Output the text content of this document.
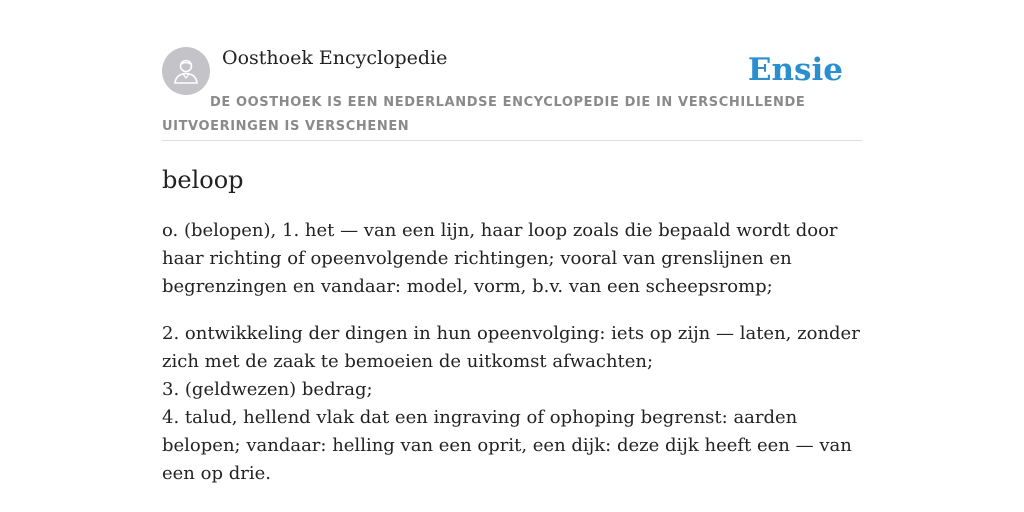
Oosthoek Encyclopedie	Ensie
DE OOSTHOEK IS EEN NEDERLANDSE ENCYCLOPEDIE DIE IN VERSCHILLENDE UITVOERINGEN IS VERSCHENEN
beloop

o. (belopen), 1. het — van een lijn, haar loop zoals die bepaald wordt door haar richting of opeenvolgende richtingen; vooral van grenslijnen en begrenzingen en vandaar: model, vorm, b.v. van een scheepsromp;

2. ontwikkeling der dingen in hun opeenvolging: iets op zijn — laten, zonder zich met de zaak te bemoeien de uitkomst afwachten;
3. (geldwezen) bedrag;
4. talud, hellend vlak dat een ingraving of ophoping begrenst: aarden belopen; vandaar: helling van een oprit, een dijk: deze dijk heeft een — van een op drie.
